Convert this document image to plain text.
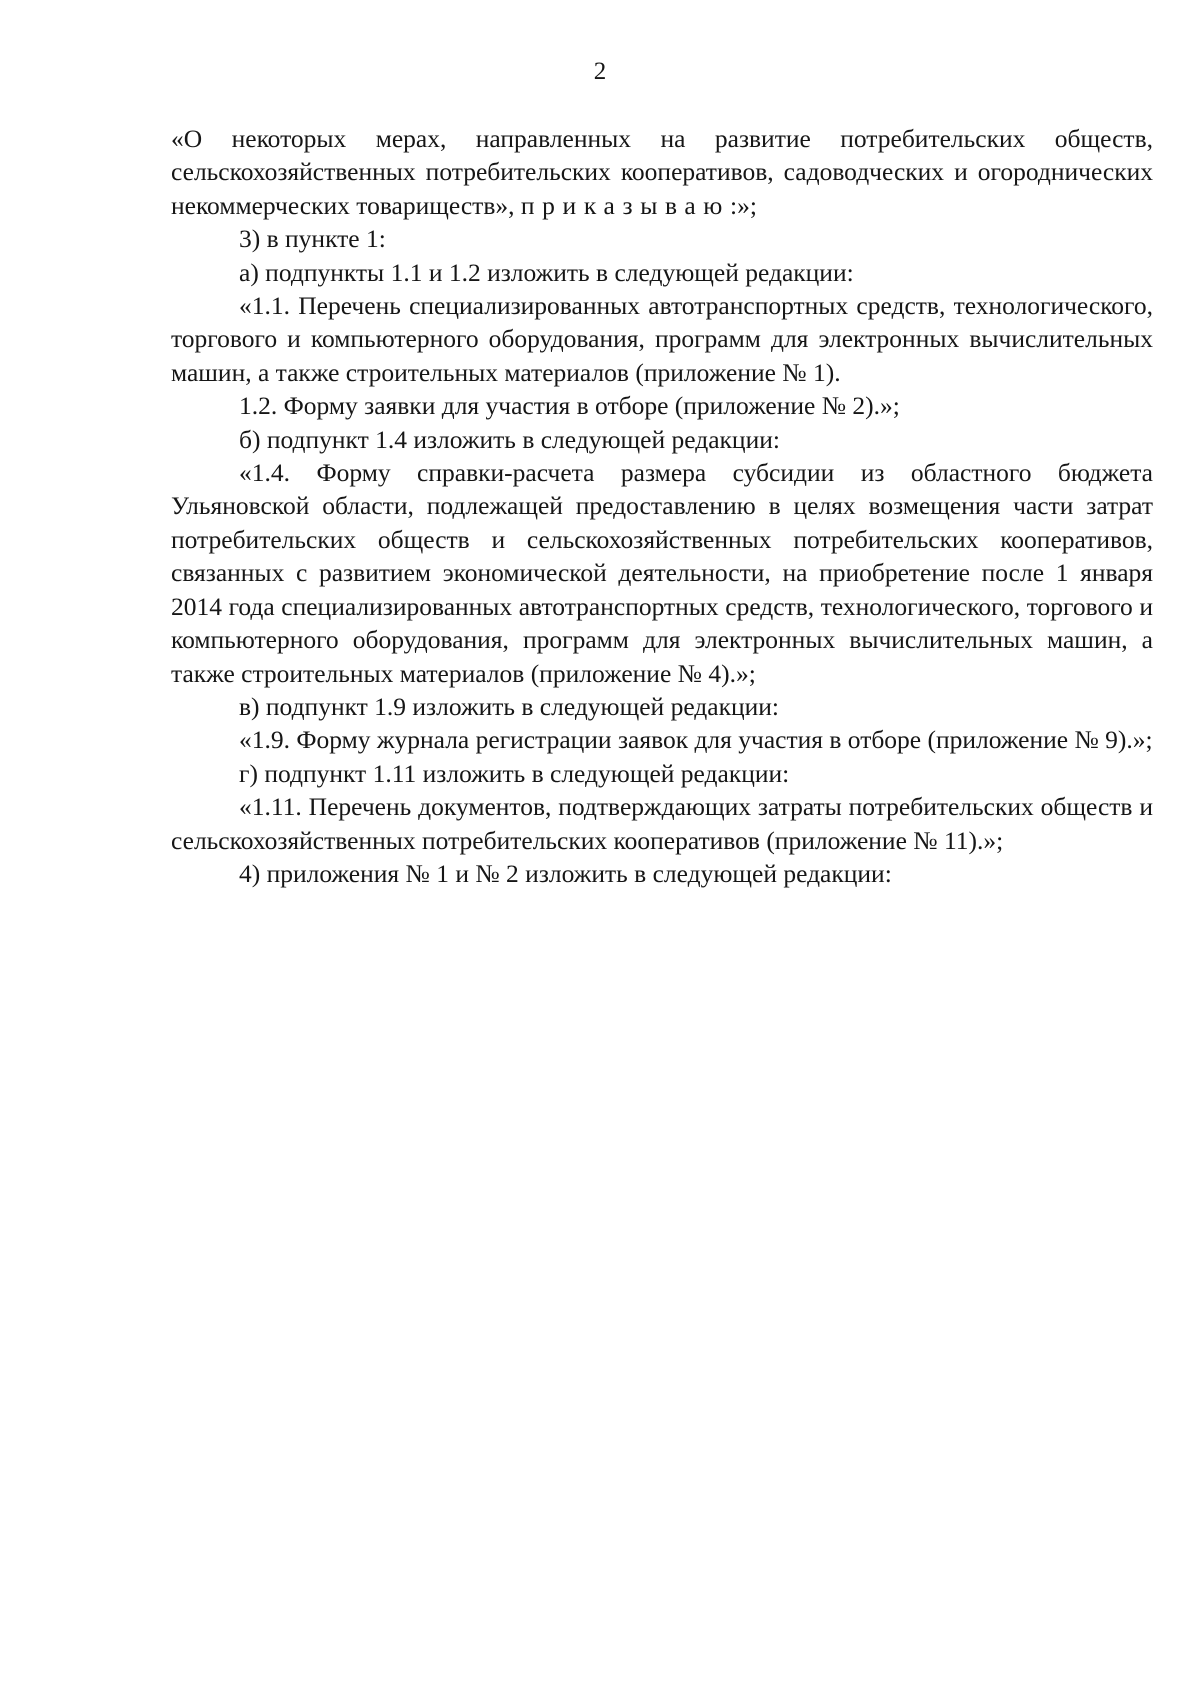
2

«О некоторых мерах, направленных на развитие потребительских обществ, сельскохозяйственных потребительских кооперативов, садоводческих и огороднических некоммерческих товариществ», приказываю:»;

3) в пункте 1:

а) подпункты 1.1 и 1.2 изложить в следующей редакции:

«1.1. Перечень специализированных автотранспортных средств, технологического, торгового и компьютерного оборудования, программ для электронных вычислительных машин, а также строительных материалов (приложение № 1).

1.2. Форму заявки для участия в отборе (приложение № 2).»;

б) подпункт 1.4 изложить в следующей редакции:

«1.4. Форму справки-расчета размера субсидии из областного бюджета Ульяновской области, подлежащей предоставлению в целях возмещения части затрат потребительских обществ и сельскохозяйственных потребительских кооперативов, связанных с развитием экономической деятельности, на приобретение после 1 января 2014 года специализированных автотранспортных средств, технологического, торгового и компьютерного оборудования, программ для электронных вычислительных машин, а также строительных материалов (приложение № 4).»;

в) подпункт 1.9 изложить в следующей редакции:

«1.9. Форму журнала регистрации заявок для участия в отборе (приложение № 9).»;

г) подпункт 1.11 изложить в следующей редакции:

«1.11. Перечень документов, подтверждающих затраты потребительских обществ и сельскохозяйственных потребительских кооперативов (приложение № 11).»;

4) приложения № 1 и № 2 изложить в следующей редакции:
